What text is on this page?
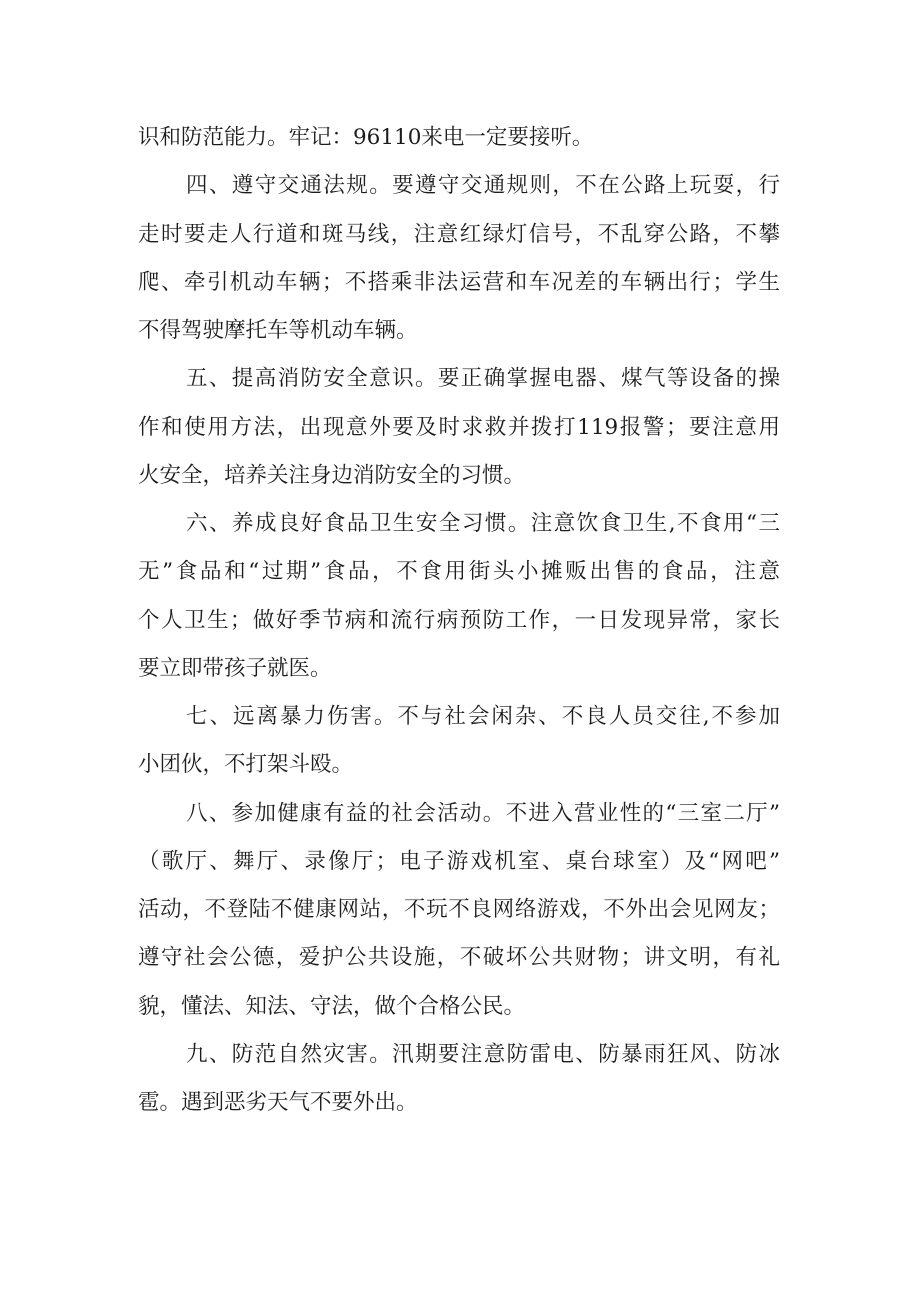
识和防范能力。牢记：96110来电一定要接听。
四、遵守交通法规。要遵守交通规则，不在公路上玩耍，行
走时要走人行道和斑马线，注意红绿灯信号，不乱穿公路，不攀
爬、牵引机动车辆；不搭乘非法运营和车况差的车辆出行；学生
不得驾驶摩托车等机动车辆。
五、提高消防安全意识。要正确掌握电器、煤气等设备的操
作和使用方法，出现意外要及时求救并拨打119报警；要注意用
火安全，培养关注身边消防安全的习惯。
六、养成良好食品卫生安全习惯。注意饮食卫生,不食用“三
无”食品和“过期”食品，不食用街头小摊贩出售的食品，注意
个人卫生；做好季节病和流行病预防工作，一日发现异常，家长
要立即带孩子就医。
七、远离暴力伤害。不与社会闲杂、不良人员交往,不参加
小团伙，不打架斗殴。
八、参加健康有益的社会活动。不进入营业性的“三室二厅”
（歌厅、舞厅、录像厅；电子游戏机室、桌台球室）及“网吧”
活动，不登陆不健康网站，不玩不良网络游戏，不外出会见网友；
遵守社会公德，爱护公共设施，不破坏公共财物；讲文明，有礼
貌，懂法、知法、守法，做个合格公民。
九、防范自然灾害。汛期要注意防雷电、防暴雨狂风、防冰
雹。遇到恶劣天气不要外出。
